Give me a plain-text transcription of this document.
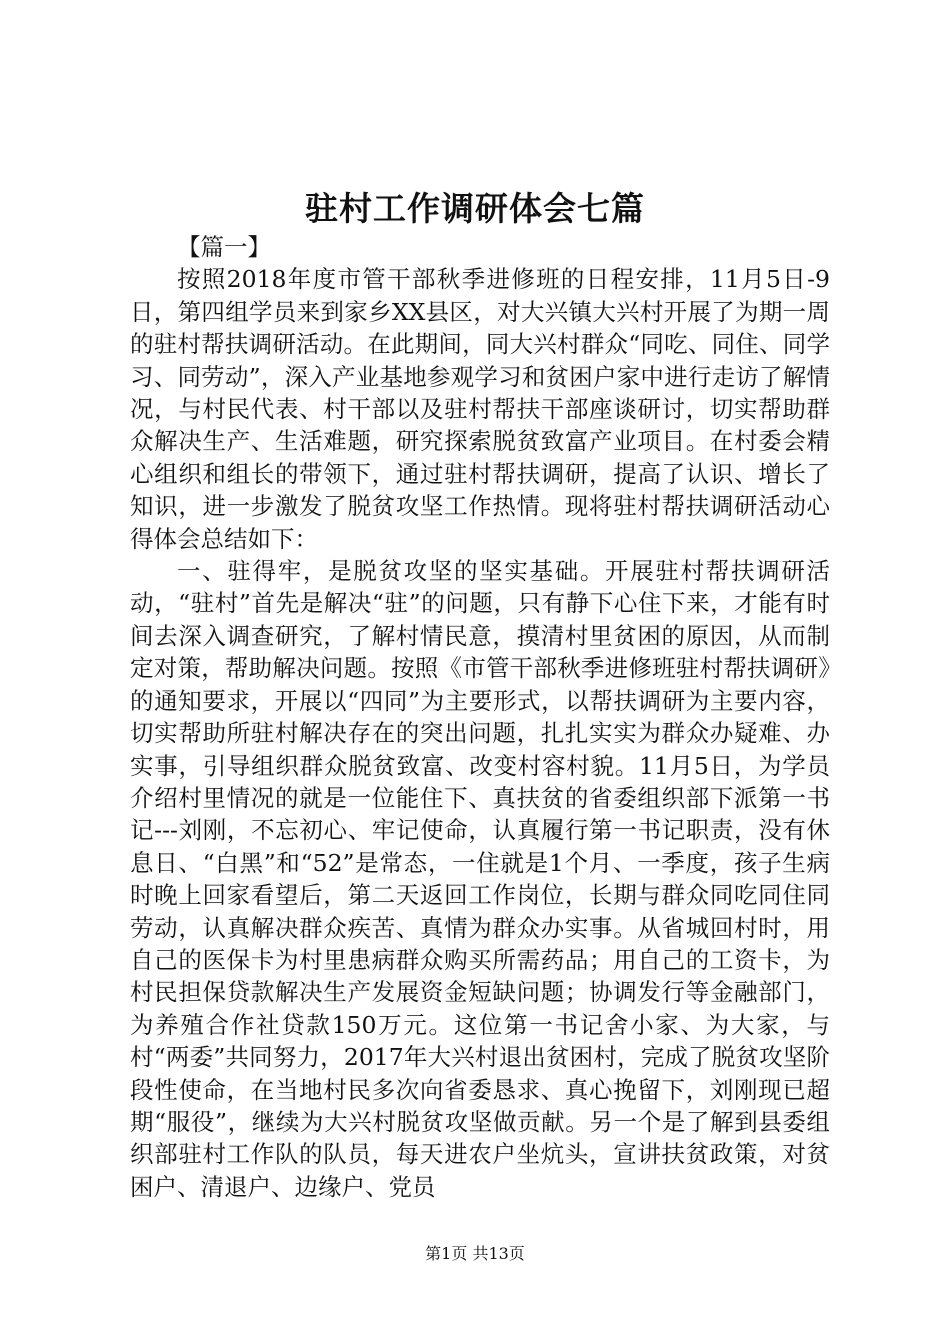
驻村工作调研体会七篇

【篇一】

按照2018年度市管干部秋季进修班的日程安排，11月5日-9日，第四组学员来到家乡XX县区，对大兴镇大兴村开展了为期一周的驻村帮扶调研活动。在此期间，同大兴村群众“同吃、同住、同学习、同劳动”，深入产业基地参观学习和贫困户家中进行走访了解情况，与村民代表、村干部以及驻村帮扶干部座谈研讨，切实帮助群众解决生产、生活难题，研究探索脱贫致富产业项目。在村委会精心组织和组长的带领下，通过驻村帮扶调研，提高了认识、增长了知识，进一步激发了脱贫攻坚工作热情。现将驻村帮扶调研活动心得体会总结如下：

一、驻得牢，是脱贫攻坚的坚实基础。开展驻村帮扶调研活动，“驻村”首先是解决“驻”的问题，只有静下心住下来，才能有时间去深入调查研究，了解村情民意，摸清村里贫困的原因，从而制定对策，帮助解决问题。按照《市管干部秋季进修班驻村帮扶调研》的通知要求，开展以“四同”为主要形式，以帮扶调研为主要内容，切实帮助所驻村解决存在的突出问题，扎扎实实为群众办疑难、办实事，引导组织群众脱贫致富、改变村容村貌。11月5日，为学员介绍村里情况的就是一位能住下、真扶贫的省委组织部下派第一书记---刘刚，不忘初心、牢记使命，认真履行第一书记职责，没有休息日、“白黑”和“52”是常态，一住就是1个月、一季度，孩子生病时晚上回家看望后，第二天返回工作岗位，长期与群众同吃同住同劳动，认真解决群众疾苦、真情为群众办实事。从省城回村时，用自己的医保卡为村里患病群众购买所需药品；用自己的工资卡，为村民担保贷款解决生产发展资金短缺问题；协调发行等金融部门，为养殖合作社贷款150万元。这位第一书记舍小家、为大家，与村“两委”共同努力，2017年大兴村退出贫困村，完成了脱贫攻坚阶段性使命，在当地村民多次向省委恳求、真心挽留下，刘刚现已超期“服役”，继续为大兴村脱贫攻坚做贡献。另一个是了解到县委组织部驻村工作队的队员，每天进农户坐炕头，宣讲扶贫政策，对贫困户、清退户、边缘户、党员

第1页 共13页
